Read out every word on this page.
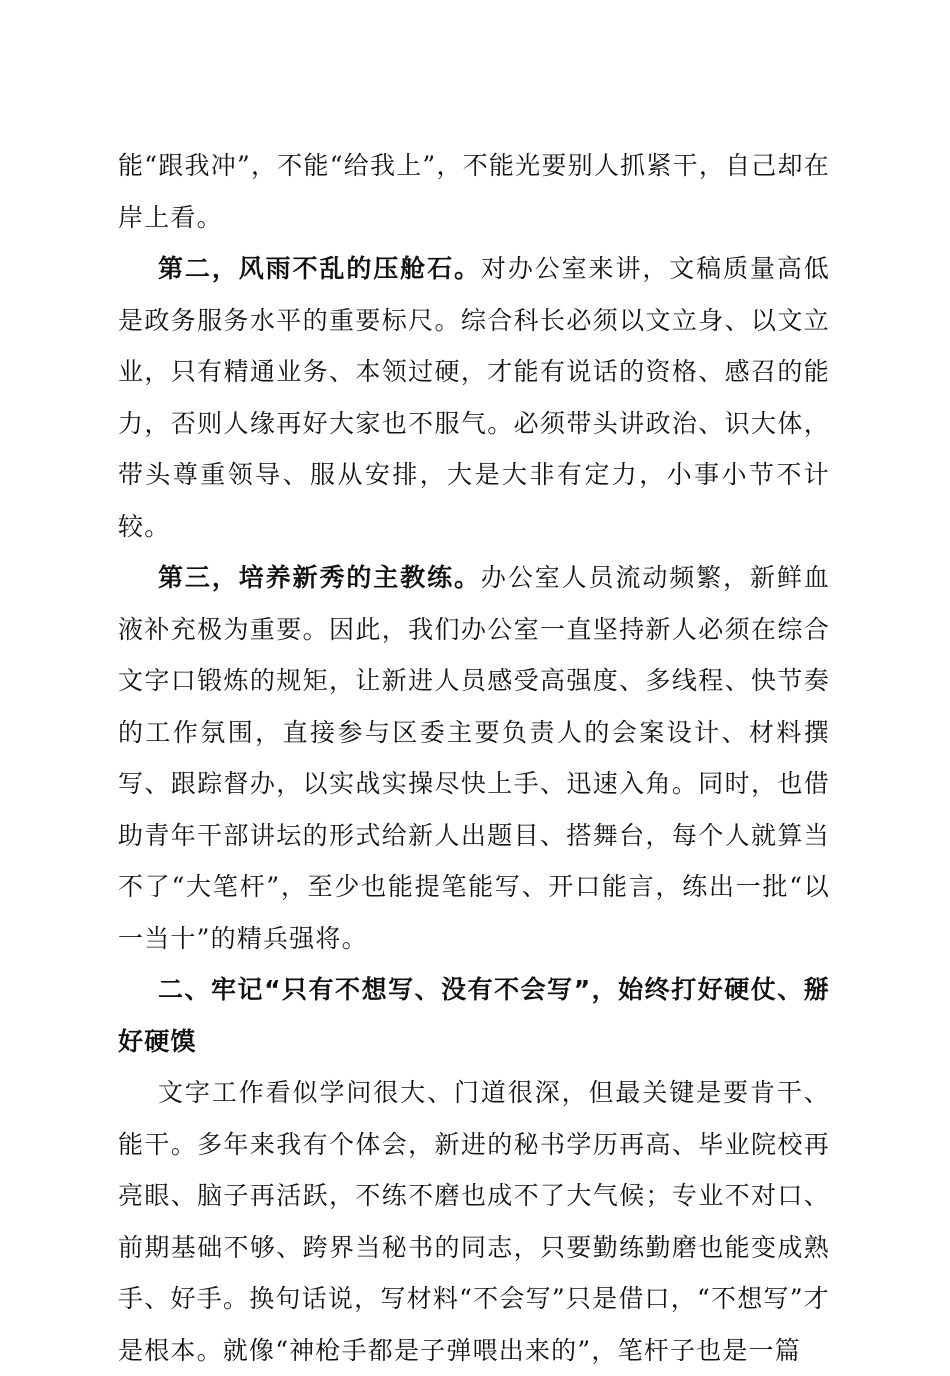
能“跟我冲”，不能“给我上”，不能光要别人抓紧干，自己却在岸上看。

第二，风雨不乱的压舱石。对办公室来讲，文稿质量高低是政务服务水平的重要标尺。综合科长必须以文立身、以文立业，只有精通业务、本领过硬，才能有说话的资格、感召的能力，否则人缘再好大家也不服气。必须带头讲政治、识大体，带头尊重领导、服从安排，大是大非有定力，小事小节不计较。

第三，培养新秀的主教练。办公室人员流动频繁，新鲜血液补充极为重要。因此，我们办公室一直坚持新人必须在综合文字口锻炼的规矩，让新进人员感受高强度、多线程、快节奏的工作氛围，直接参与区委主要负责人的会案设计、材料撰写、跟踪督办，以实战实操尽快上手、迅速入角。同时，也借助青年干部讲坛的形式给新人出题目、搭舞台，每个人就算当不了“大笔杆”，至少也能提笔能写、开口能言，练出一批“以一当十”的精兵强将。

二、牢记“只有不想写、没有不会写”，始终打好硬仗、掰好硬馍

文字工作看似学问很大、门道很深，但最关键是要肯干、能干。多年来我有个体会，新进的秘书学历再高、毕业院校再亮眼、脑子再活跃，不练不磨也成不了大气候；专业不对口、前期基础不够、跨界当秘书的同志，只要勤练勤磨也能变成熟手、好手。换句话说，写材料“不会写”只是借口，“不想写”才是根本。就像“神枪手都是子弹喂出来的”，笔杆子也是一篇
